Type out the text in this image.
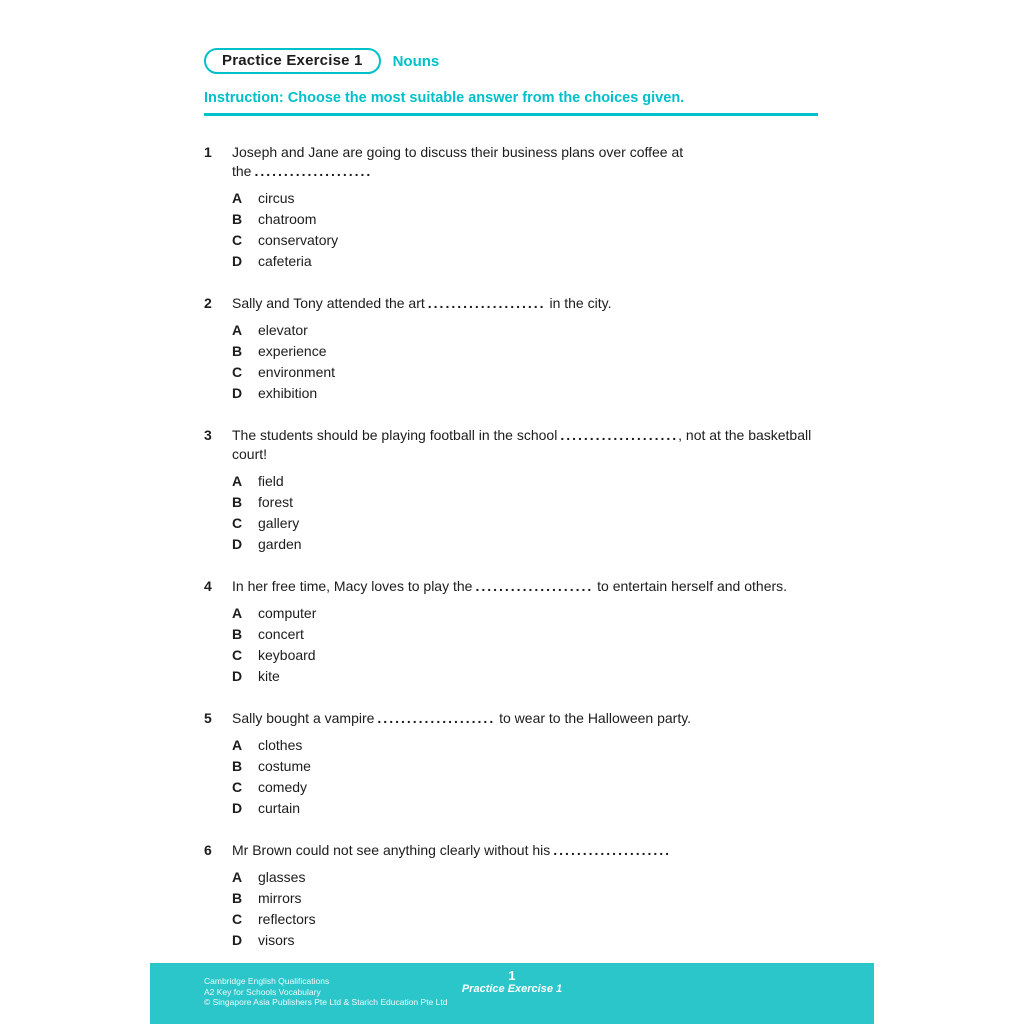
Practice Exercise 1	Nouns

Instruction: Choose the most suitable answer from the choices given.

1	Joseph and Jane are going to discuss their business plans over coffee at the ....................

A	circus
B	chatroom
C	conservatory
D	cafeteria
2	Sally and Tony attended the art .................... in the city.

A	elevator
B	experience
C	environment
D	exhibition
3	The students should be playing football in the school ...................., not at the basketball court!

A	field
B	forest
C	gallery
D	garden
4	In her free time, Macy loves to play the .................... to entertain herself and others.

A	computer
B	concert
C	keyboard
D	kite
5	Sally bought a vampire .................... to wear to the Halloween party.

A	clothes
B	costume
C	comedy
D	curtain
6	Mr Brown could not see anything clearly without his ....................

A	glasses
B	mirrors
C	reflectors
D	visors
Cambridge English Qualifications
A2 Key for Schools Vocabulary
© Singapore Asia Publishers Pte Ltd & Starich Education Pte Ltd
1
Practice Exercise 1
